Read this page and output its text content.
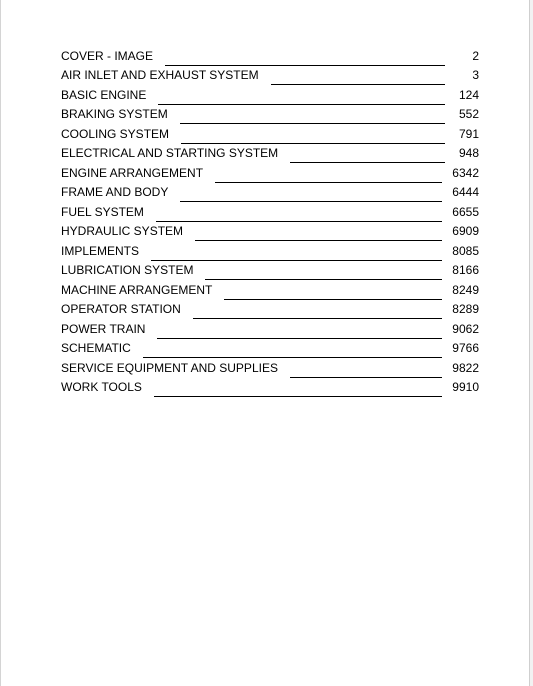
COVER - IMAGE	2
AIR INLET AND EXHAUST SYSTEM	3
BASIC ENGINE	124
BRAKING SYSTEM	552
COOLING SYSTEM	791
ELECTRICAL AND STARTING SYSTEM	948
ENGINE ARRANGEMENT	6342
FRAME AND BODY	6444
FUEL SYSTEM	6655
HYDRAULIC SYSTEM	6909
IMPLEMENTS	8085
LUBRICATION SYSTEM	8166
MACHINE ARRANGEMENT	8249
OPERATOR STATION	8289
POWER TRAIN	9062
SCHEMATIC	9766
SERVICE EQUIPMENT AND SUPPLIES	9822
WORK TOOLS	9910
